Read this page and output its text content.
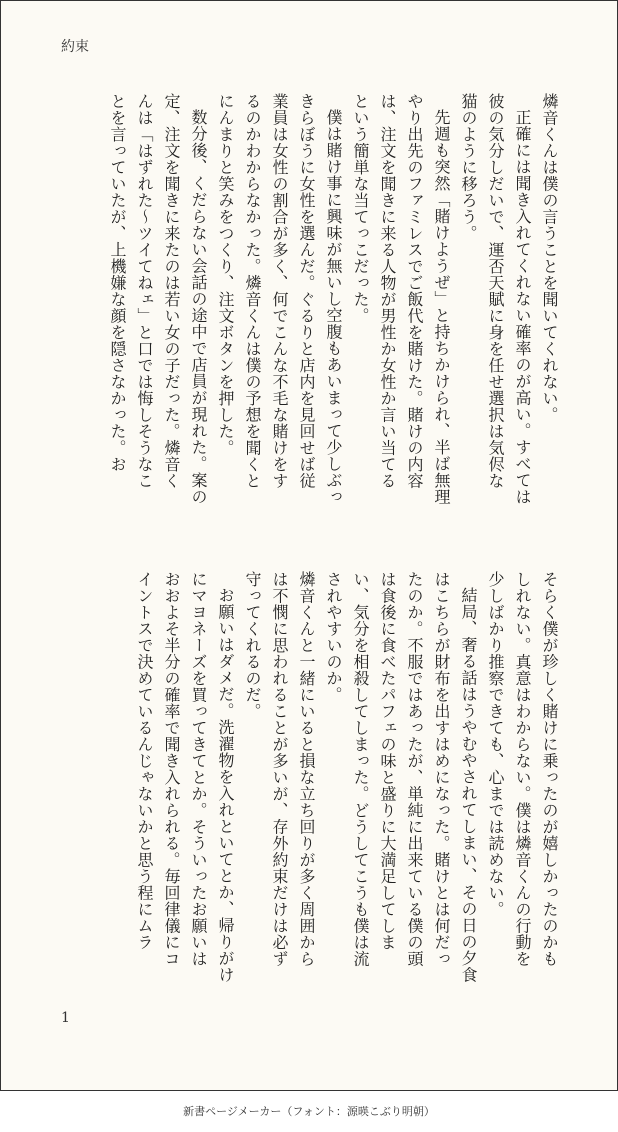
約束

燐音くんは僕の言うことを聞いてくれない。

正確には聞き入れてくれない確率のが高い。すべては彼の気分しだいで、運否天賦に身を任せ選択は気侭な猫のように移ろう。

先週も突然「賭けようぜ」と持ちかけられ、半ば無理やり出先のファミレスでご飯代を賭けた。賭けの内容は、注文を聞きに来る人物が男性か女性か言い当てるという簡単な当てっこだった。

僕は賭け事に興味が無いし空腹もあいまって少しぶっきらぼうに女性を選んだ。ぐるりと店内を見回せば従業員は女性の割合が多く、何でこんな不毛な賭けをするのかわからなかった。燐音くんは僕の予想を聞くとにんまりと笑みをつくり、注文ボタンを押した。

数分後、くだらない会話の途中で店員が現れた。案の定、注文を聞きに来たのは若い女の子だった。燐音くんは「はずれた～ツイてねェ」と口では悔しそうなことを言っていたが、上機嫌な顔を隠さなかった。お

そらく僕が珍しく賭けに乗ったのが嬉しかったのかもしれない。真意はわからない。僕は燐音くんの行動を少しばかり推察できても、心までは読めない。

結局、奢る話はうやむやされてしまい、その日の夕食はこちらが財布を出すはめになった。賭けとは何だったのか。不服ではあったが、単純に出来ている僕の頭は食後に食べたパフェの味と盛りに大満足してしまい、気分を相殺してしまった。どうしてこうも僕は流されやすいのか。

燐音くんと一緒にいると損な立ち回りが多く周囲からは不憫に思われることが多いが、存外約束だけは必ず守ってくれるのだ。

お願いはダメだ。洗濯物を入れといてとか、帰りがけにマヨネーズを買ってきてとか。そういったお願いはおおよそ半分の確率で聞き入れられる。毎回律儀にコイントスで決めているんじゃないかと思う程にムラ

1
新書ページメーカー（フォント：源暎こぶり明朝）
